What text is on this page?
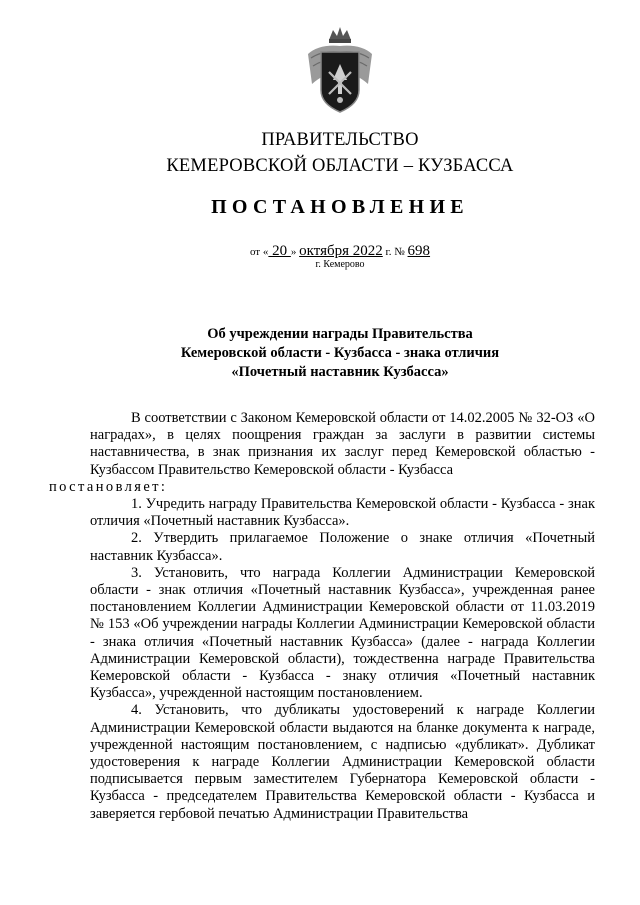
ПРАВИТЕЛЬСТВО
КЕМЕРОВСКОЙ ОБЛАСТИ – КУЗБАССА
ПОСТАНОВЛЕНИЕ
от « 20 » октября 2022 г. № 698
г. Кемерово
Об учреждении награды Правительства
Кемеровской области - Кузбасса - знака отличия
«Почетный наставник Кузбасса»

В соответствии с Законом Кемеровской области от 14.02.2005 № 32-ОЗ «О наградах», в целях поощрения граждан за заслуги в развитии системы наставничества, в знак признания их заслуг перед Кемеровской областью - Кузбассом Правительство Кемеровской области - Кузбасса
постановляет:

1. Учредить награду Правительства Кемеровской области - Кузбасса - знак отличия «Почетный наставник Кузбасса».

2. Утвердить прилагаемое Положение о знаке отличия «Почетный наставник Кузбасса».

3. Установить, что награда Коллегии Администрации Кемеровской области - знак отличия «Почетный наставник Кузбасса», учрежденная ранее постановлением Коллегии Администрации Кемеровской области от 11.03.2019 № 153 «Об учреждении награды Коллегии Администрации Кемеровской области - знака отличия «Почетный наставник Кузбасса» (далее - награда Коллегии Администрации Кемеровской области), тождественна награде Правительства Кемеровской области - Кузбасса - знаку отличия «Почетный наставник Кузбасса», учрежденной настоящим постановлением.

4. Установить, что дубликаты удостоверений к награде Коллегии Администрации Кемеровской области выдаются на бланке документа к награде, учрежденной настоящим постановлением, с надписью «дубликат». Дубликат удостоверения к награде Коллегии Администрации Кемеровской области подписывается первым заместителем Губернатора Кемеровской области - Кузбасса - председателем Правительства Кемеровской области - Кузбасса и заверяется гербовой печатью Администрации Правительства
